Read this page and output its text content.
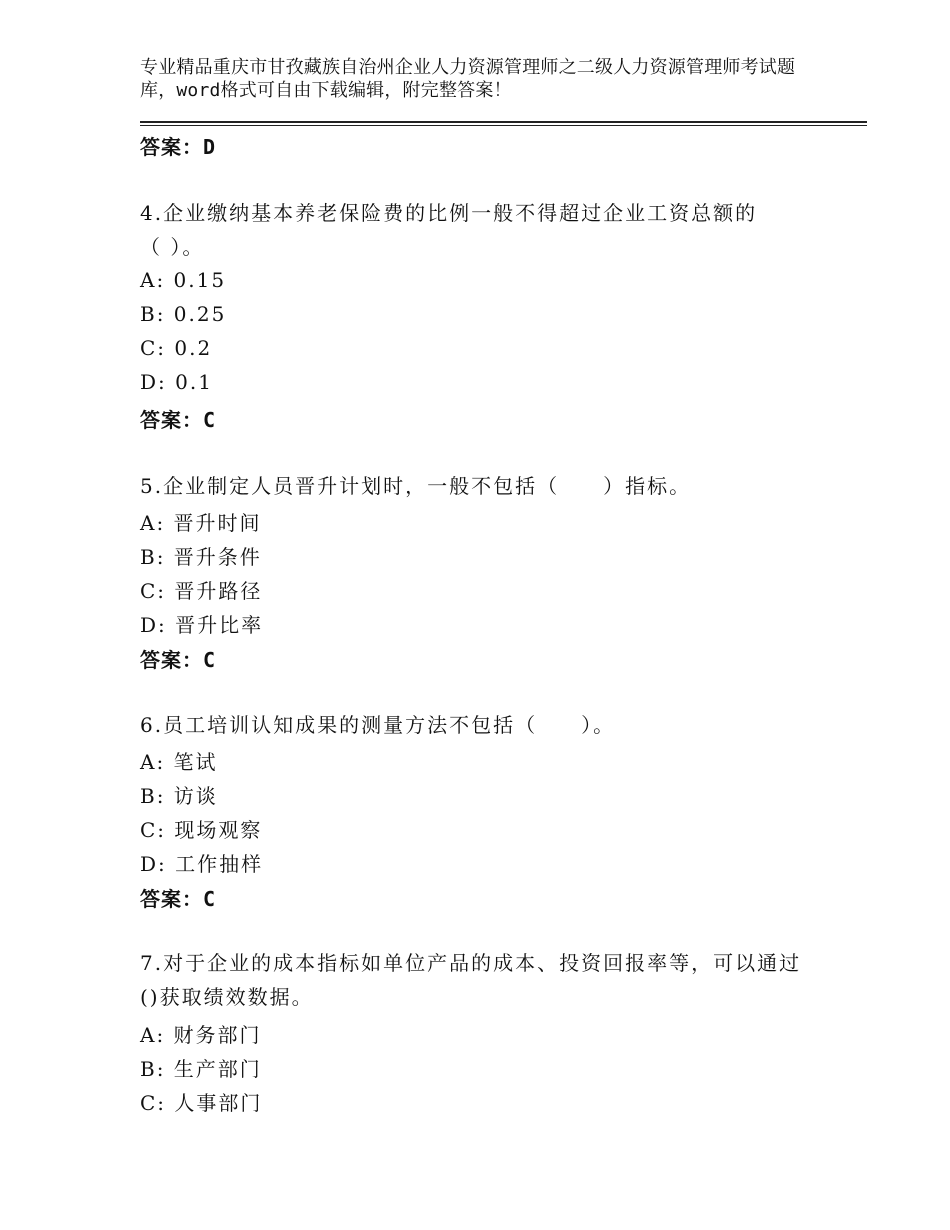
专业精品重庆市甘孜藏族自治州企业人力资源管理师之二级人力资源管理师考试题
库，word格式可自由下载编辑，附完整答案！
答案：D
4.企业缴纳基本养老保险费的比例一般不得超过企业工资总额的
（ ）。
A: 0.15
B: 0.25
C: 0.2
D: 0.1
答案：C
5.企业制定人员晋升计划时，一般不包括（　　）指标。
A: 晋升时间
B: 晋升条件
C: 晋升路径
D: 晋升比率
答案：C
6.员工培训认知成果的测量方法不包括（　　）。
A: 笔试
B: 访谈
C: 现场观察
D: 工作抽样
答案：C
7.对于企业的成本指标如单位产品的成本、投资回报率等，可以通过
()获取绩效数据。
A: 财务部门
B: 生产部门
C: 人事部门
